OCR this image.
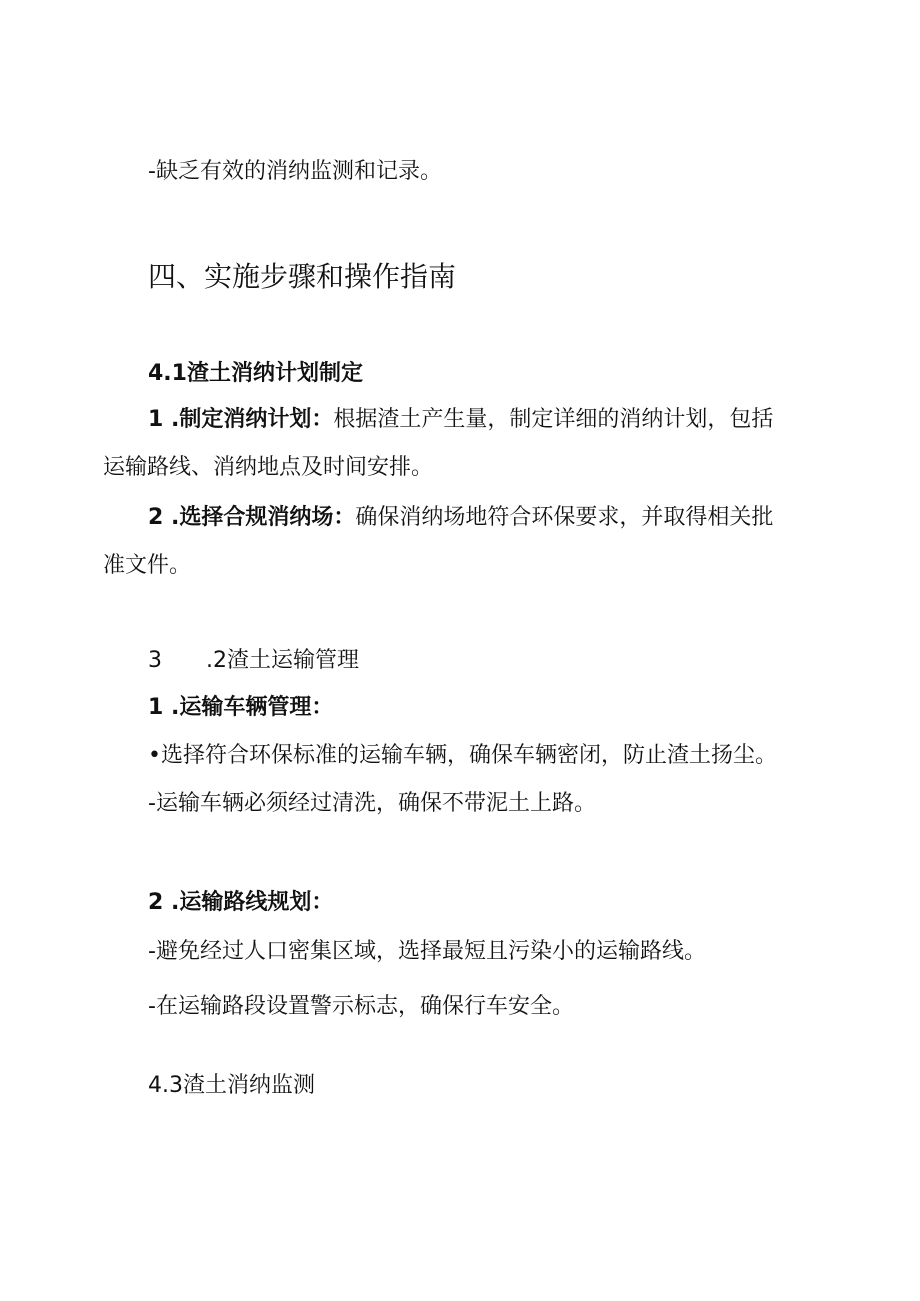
-缺乏有效的消纳监测和记录。
四、实施步骤和操作指南
4.1渣土消纳计划制定
1 .制定消纳计划：根据渣土产生量，制定详细的消纳计划，包括
运输路线、消纳地点及时间安排。
2 .选择合规消纳场：确保消纳场地符合环保要求，并取得相关批
准文件。
3 .2渣土运输管理
1 .运输车辆管理：
•选择符合环保标准的运输车辆，确保车辆密闭，防止渣土扬尘。
-运输车辆必须经过清洗，确保不带泥土上路。
2 .运输路线规划：
-避免经过人口密集区域，选择最短且污染小的运输路线。
-在运输路段设置警示标志，确保行车安全。
4.3渣土消纳监测
